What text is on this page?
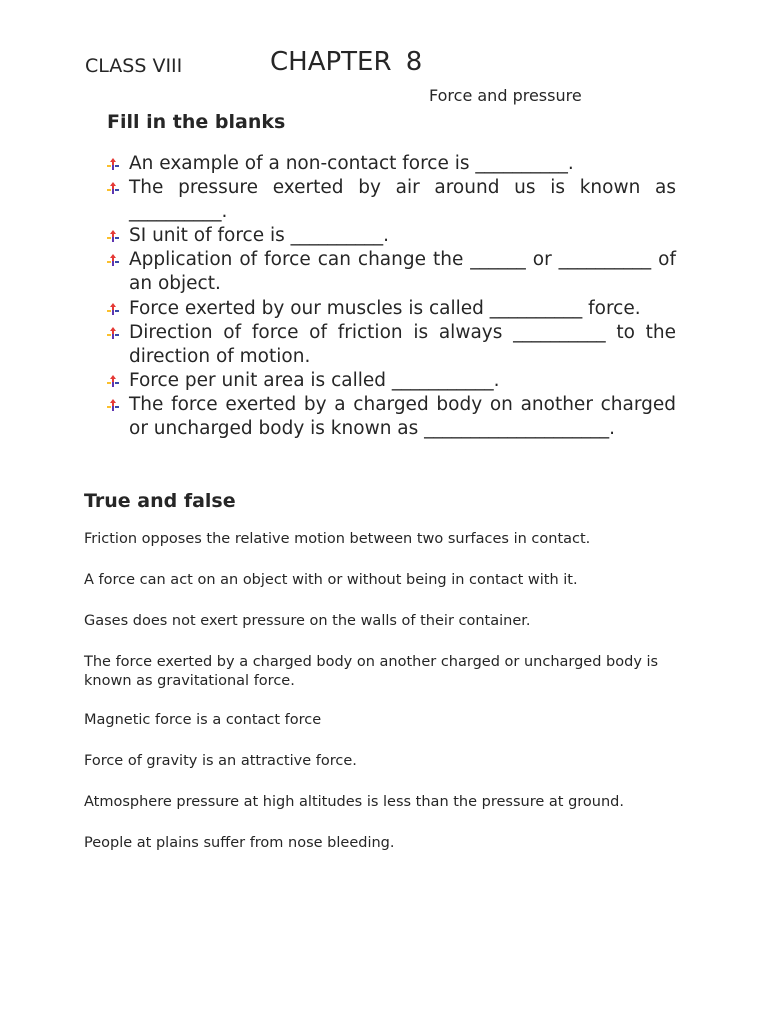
CLASS VIII	CHAPTER 8
Force and pressure
Fill in the blanks
An example of a non-contact force is __________.
The pressure exerted by air around us is known as __________.
SI unit of force is __________.
Application of force can change the ______ or __________ of an object.
Force exerted by our muscles is called __________ force.
Direction of force of friction is always __________ to the direction of motion.
Force per unit area is called ___________.
The force exerted by a charged body on another charged or uncharged body is known as ____________________.
True and false
Friction opposes the relative motion between two surfaces in contact.
A force can act on an object with or without being in contact with it.
Gases does not exert pressure on the walls of their container.
The force exerted by a charged body on another charged or uncharged body is known as gravitational force.
Magnetic force is a contact force
Force of gravity is an attractive force.
Atmosphere pressure at high altitudes is less than the pressure at ground.
People at plains suffer from nose bleeding.
